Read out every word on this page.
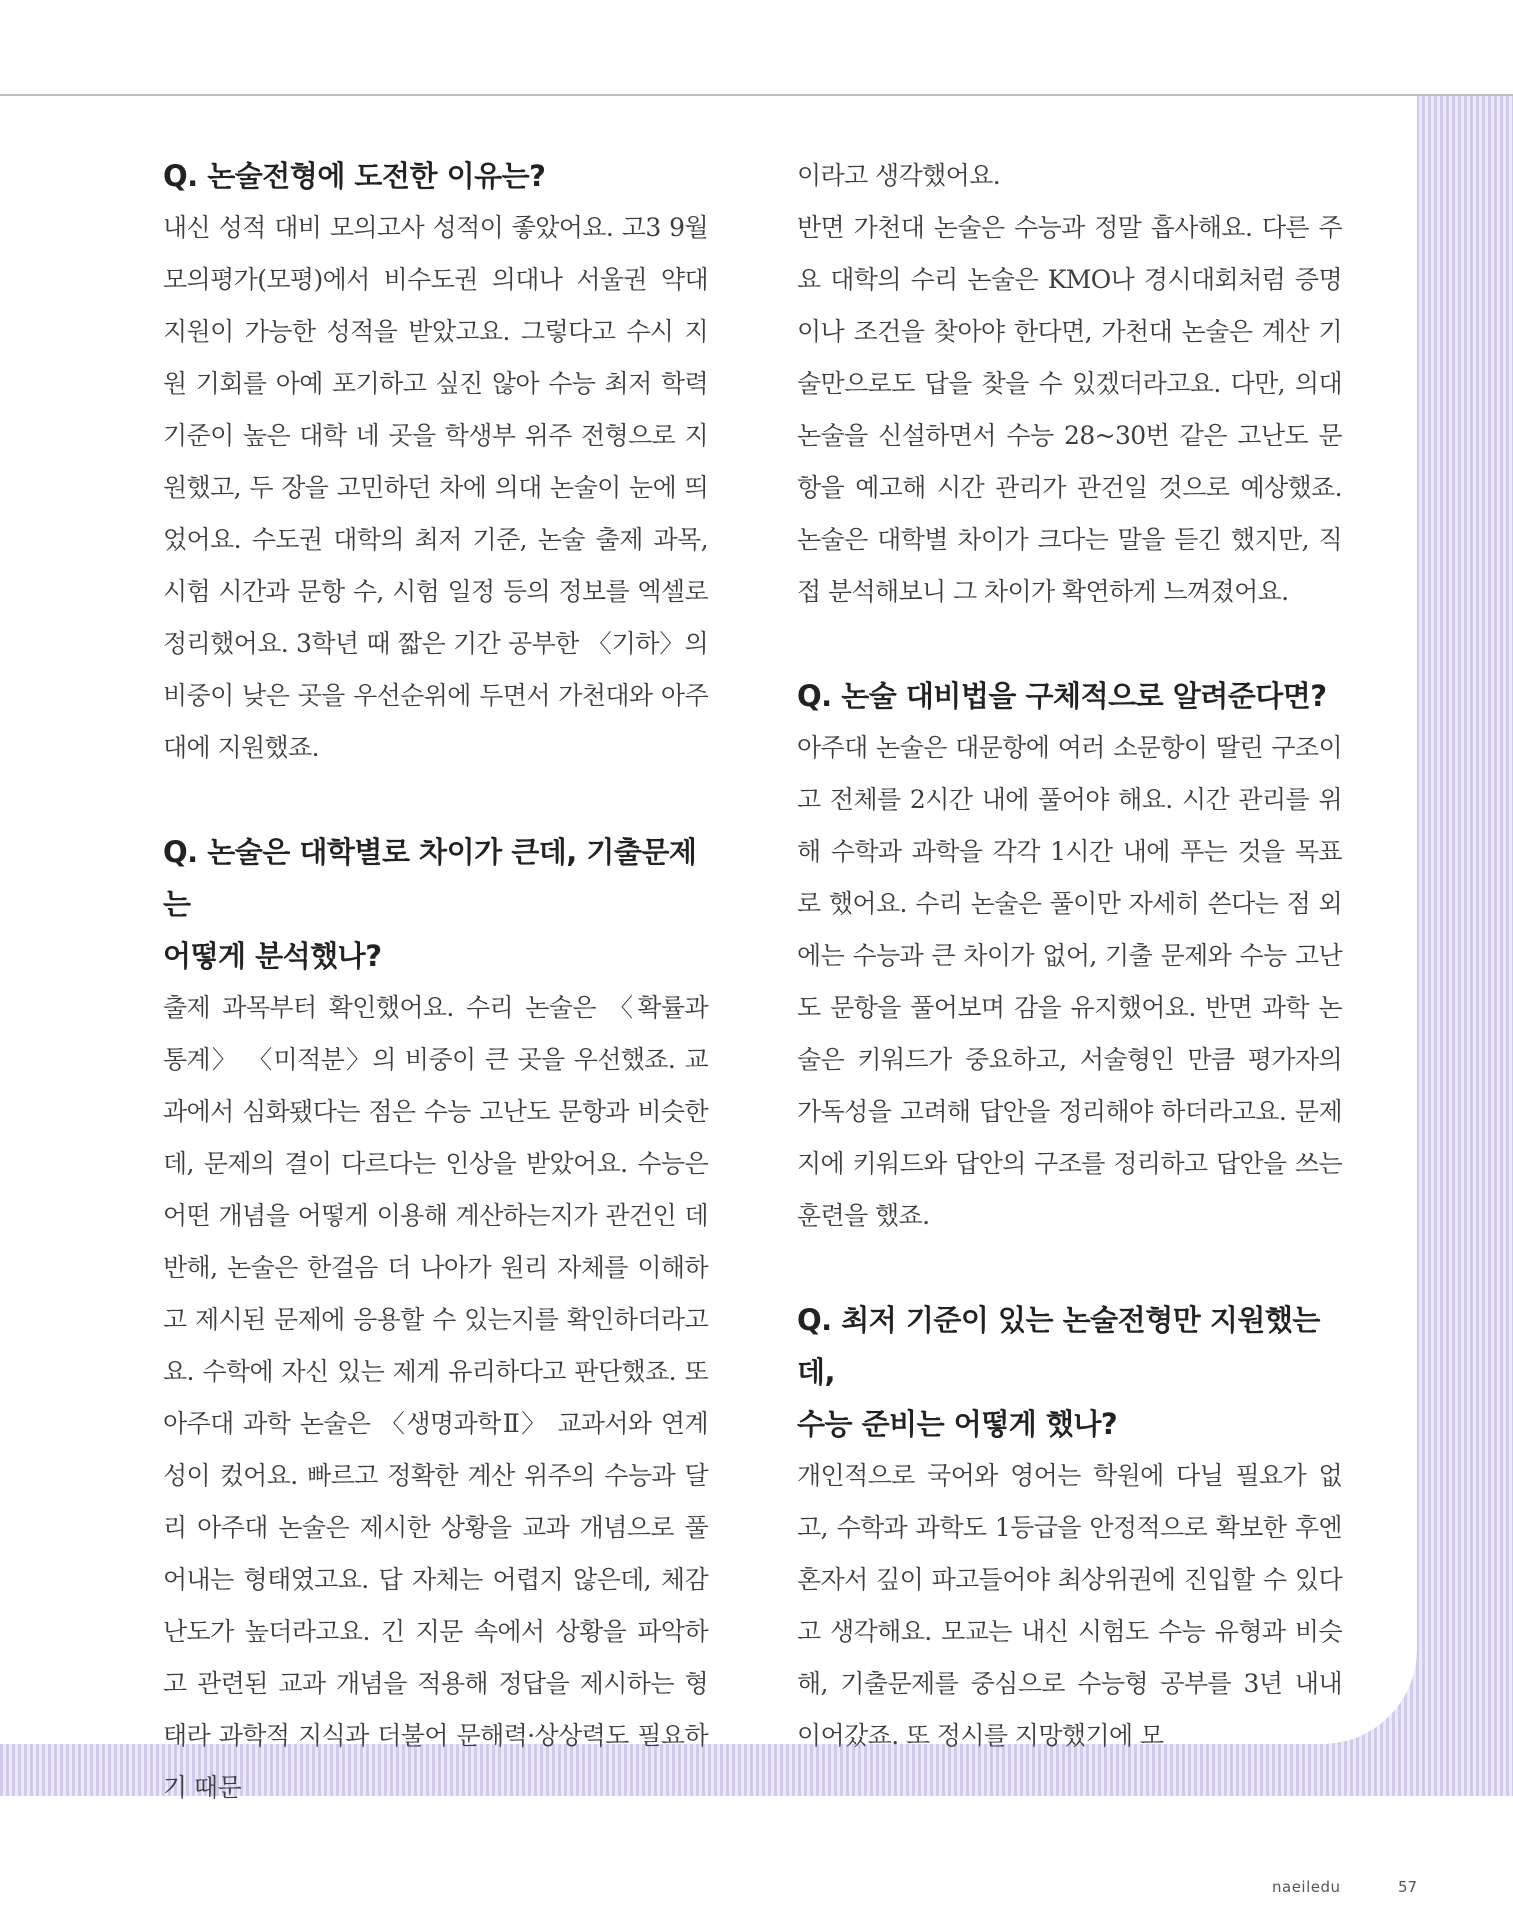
Q. 논술전형에 도전한 이유는?

내신 성적 대비 모의고사 성적이 좋았어요. 고3 9월 모의평가(모평)에서 비수도권 의대나 서울권 약대 지원이 가능한 성적을 받았고요. 그렇다고 수시 지원 기회를 아예 포기하고 싶진 않아 수능 최저 학력 기준이 높은 대학 네 곳을 학생부 위주 전형으로 지원했고, 두 장을 고민하던 차에 의대 논술이 눈에 띄었어요. 수도권 대학의 최저 기준, 논술 출제 과목, 시험 시간과 문항 수, 시험 일정 등의 정보를 엑셀로 정리했어요. 3학년 때 짧은 기간 공부한 〈기하〉의 비중이 낮은 곳을 우선순위에 두면서 가천대와 아주대에 지원했죠.

Q. 논술은 대학별로 차이가 큰데, 기출문제는
어떻게 분석했나?

출제 과목부터 확인했어요. 수리 논술은 〈확률과 통계〉 〈미적분〉의 비중이 큰 곳을 우선했죠. 교과에서 심화됐다는 점은 수능 고난도 문항과 비슷한데, 문제의 결이 다르다는 인상을 받았어요. 수능은 어떤 개념을 어떻게 이용해 계산하는지가 관건인 데 반해, 논술은 한걸음 더 나아가 원리 자체를 이해하고 제시된 문제에 응용할 수 있는지를 확인하더라고요. 수학에 자신 있는 제게 유리하다고 판단했죠. 또 아주대 과학 논술은 〈생명과학Ⅱ〉 교과서와 연계성이 컸어요. 빠르고 정확한 계산 위주의 수능과 달리 아주대 논술은 제시한 상황을 교과 개념으로 풀어내는 형태였고요. 답 자체는 어렵지 않은데, 체감 난도가 높더라고요. 긴 지문 속에서 상황을 파악하고 관련된 교과 개념을 적용해 정답을 제시하는 형태라 과학적 지식과 더불어 문해력·상상력도 필요하기 때문

이라고 생각했어요.

반면 가천대 논술은 수능과 정말 흡사해요. 다른 주요 대학의 수리 논술은 KMO나 경시대회처럼 증명이나 조건을 찾아야 한다면, 가천대 논술은 계산 기술만으로도 답을 찾을 수 있겠더라고요. 다만, 의대 논술을 신설하면서 수능 28~30번 같은 고난도 문항을 예고해 시간 관리가 관건일 것으로 예상했죠. 논술은 대학별 차이가 크다는 말을 듣긴 했지만, 직접 분석해보니 그 차이가 확연하게 느껴졌어요.

Q. 논술 대비법을 구체적으로 알려준다면?

아주대 논술은 대문항에 여러 소문항이 딸린 구조이고 전체를 2시간 내에 풀어야 해요. 시간 관리를 위해 수학과 과학을 각각 1시간 내에 푸는 것을 목표로 했어요. 수리 논술은 풀이만 자세히 쓴다는 점 외에는 수능과 큰 차이가 없어, 기출 문제와 수능 고난도 문항을 풀어보며 감을 유지했어요. 반면 과학 논술은 키워드가 중요하고, 서술형인 만큼 평가자의 가독성을 고려해 답안을 정리해야 하더라고요. 문제지에 키워드와 답안의 구조를 정리하고 답안을 쓰는 훈련을 했죠.

Q. 최저 기준이 있는 논술전형만 지원했는데,
수능 준비는 어떻게 했나?

개인적으로 국어와 영어는 학원에 다닐 필요가 없고, 수학과 과학도 1등급을 안정적으로 확보한 후엔 혼자서 깊이 파고들어야 최상위권에 진입할 수 있다고 생각해요. 모교는 내신 시험도 수능 유형과 비슷해, 기출문제를 중심으로 수능형 공부를 3년 내내 이어갔죠. 또 정시를 지망했기에 모

naeiledu	57
